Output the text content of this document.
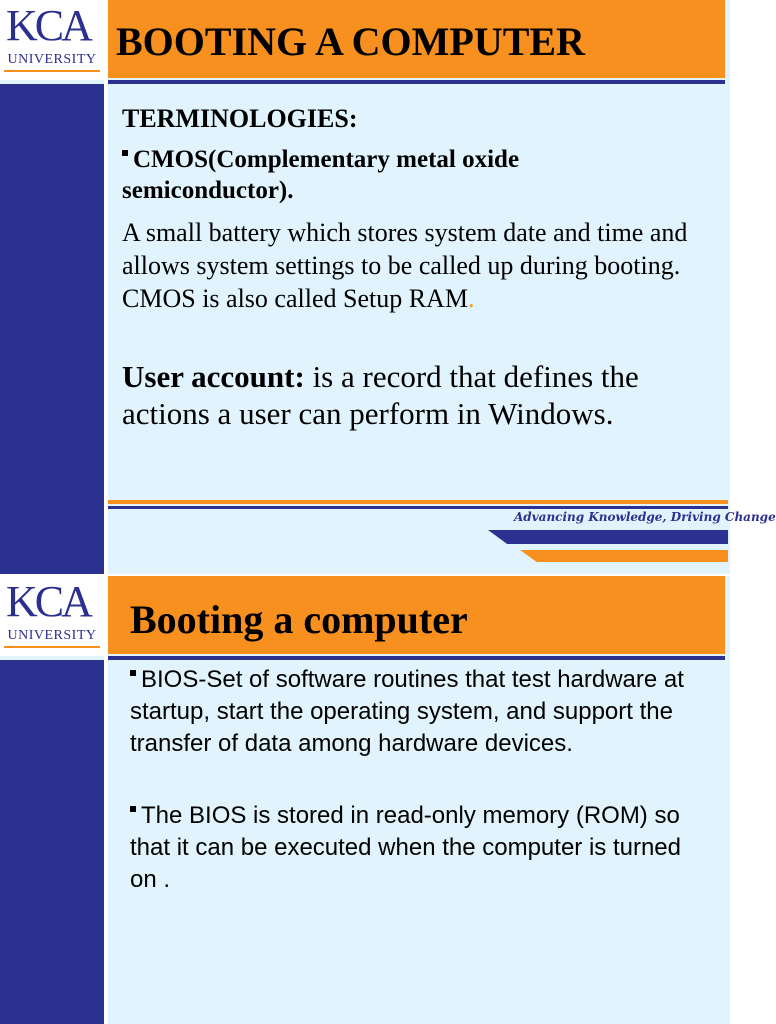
KCA
UNIVERSITY BOOTING A COMPUTER
TERMINOLOGIES:
CMOS(Complementary metal oxide semiconductor).
A small battery which stores system date and time and allows system settings to be called up during booting. CMOS is also called Setup RAM.
User account: is a record that defines the actions a user can perform in Windows.
Advancing Knowledge, Driving Change
KCA
UNIVERSITY Booting a computer
BIOS-Set of software routines that test hardware at startup, start the operating system, and support the transfer of data among hardware devices.
The BIOS is stored in read-only memory (ROM) so that it can be executed when the computer is turned on .
